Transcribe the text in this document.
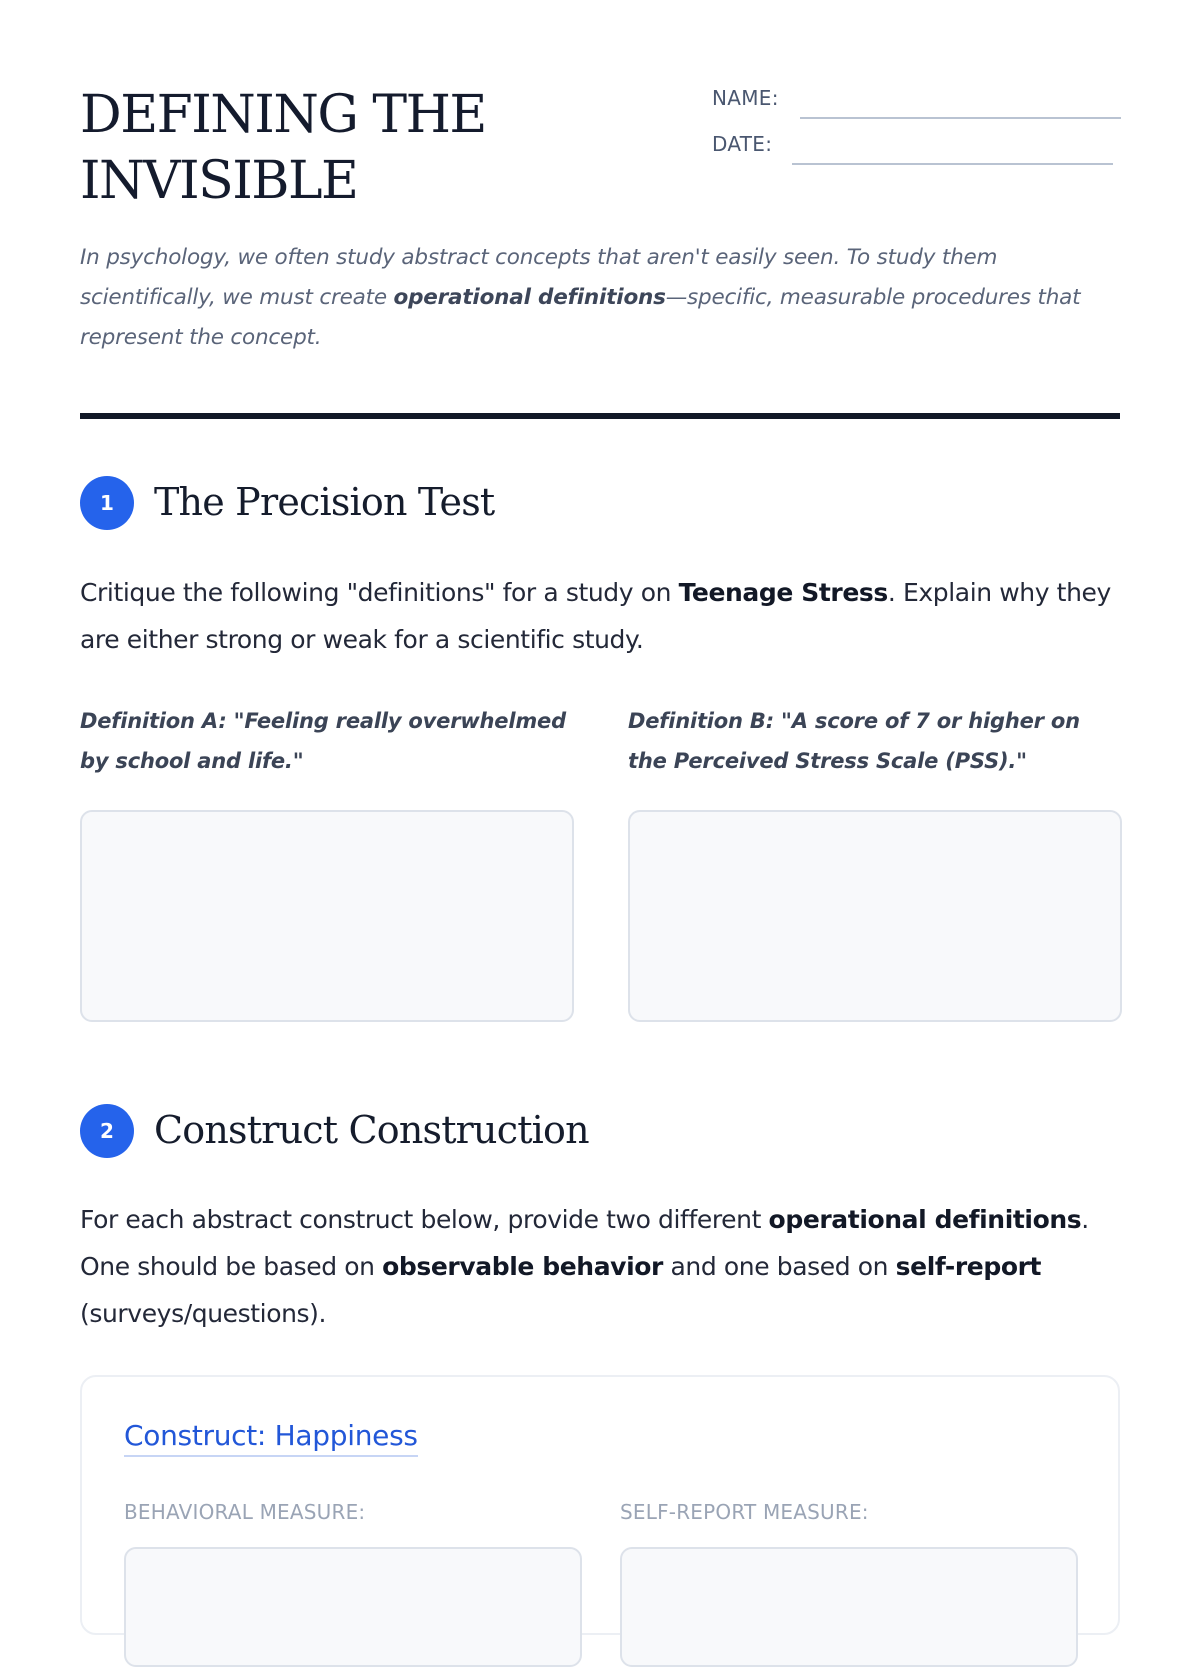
DEFINING THE
INVISIBLE
NAME:
DATE:

In psychology, we often study abstract concepts that aren't easily seen. To study them scientifically, we must create operational definitions—specific, measurable procedures that represent the concept.

1	The Precision Test

Critique the following "definitions" for a study on Teenage Stress. Explain why they are either strong or weak for a scientific study.

Definition A: "Feeling really overwhelmed by school and life."

Definition B: "A score of 7 or higher on the Perceived Stress Scale (PSS)."

2	Construct Construction

For each abstract construct below, provide two different operational definitions. One should be based on observable behavior and one based on self-report (surveys/questions).

Construct: Happiness

BEHAVIORAL MEASURE:	SELF-REPORT MEASURE:
